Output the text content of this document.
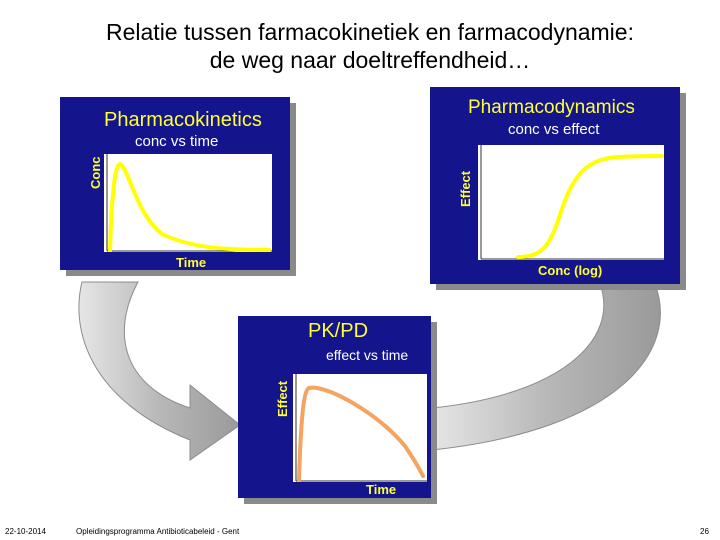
Relatie tussen farmacokinetiek en farmacodynamie:
de weg naar doeltreffendheid…
Pharmacokinetics
conc vs time
Conc
Time
Pharmacodynamics
conc vs effect
Effect
Conc (log)
PK/PD
effect vs time
Effect
Time
22-10-2014	Opleidingsprogramma Antibioticabeleid - Gent	26
